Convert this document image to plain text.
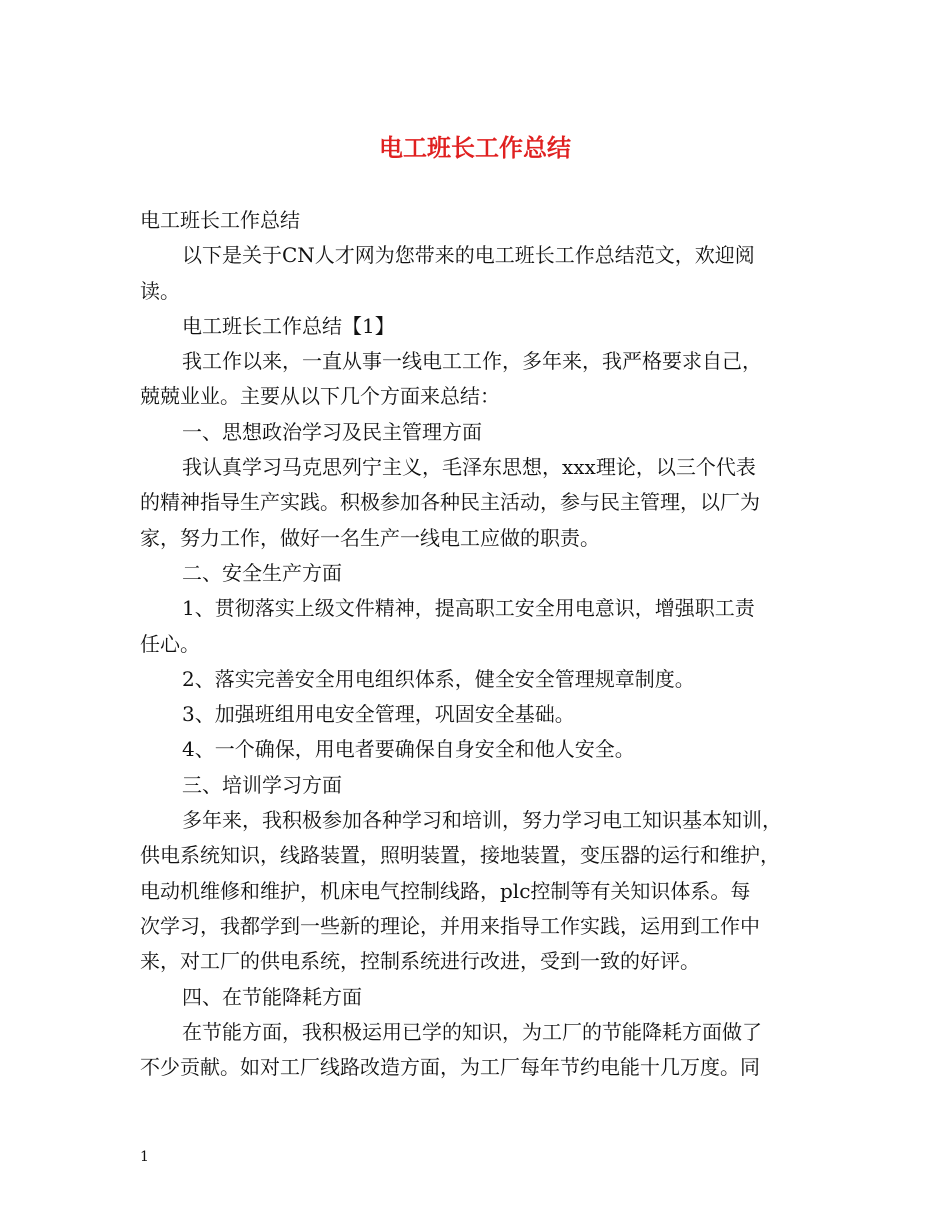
电工班长工作总结
电工班长工作总结
以下是关于CN人才网为您带来的电工班长工作总结范文，欢迎阅
读。
电工班长工作总结【1】
我工作以来，一直从事一线电工工作，多年来，我严格要求自己，
兢兢业业。主要从以下几个方面来总结：
一、思想政治学习及民主管理方面
我认真学习马克思列宁主义，毛泽东思想，xxx理论，以三个代表
的精神指导生产实践。积极参加各种民主活动，参与民主管理，以厂为
家，努力工作，做好一名生产一线电工应做的职责。
二、安全生产方面
1、贯彻落实上级文件精神，提高职工安全用电意识，增强职工责
任心。
2、落实完善安全用电组织体系，健全安全管理规章制度。
3、加强班组用电安全管理，巩固安全基础。
4、一个确保，用电者要确保自身安全和他人安全。
三、培训学习方面
多年来，我积极参加各种学习和培训，努力学习电工知识基本知训，
供电系统知识，线路装置，照明装置，接地装置，变压器的运行和维护，
电动机维修和维护，机床电气控制线路，plc控制等有关知识体系。每
次学习，我都学到一些新的理论，并用来指导工作实践，运用到工作中
来，对工厂的供电系统，控制系统进行改进，受到一致的好评。
四、在节能降耗方面
在节能方面，我积极运用已学的知识，为工厂的节能降耗方面做了
不少贡献。如对工厂线路改造方面，为工厂每年节约电能十几万度。同
1
